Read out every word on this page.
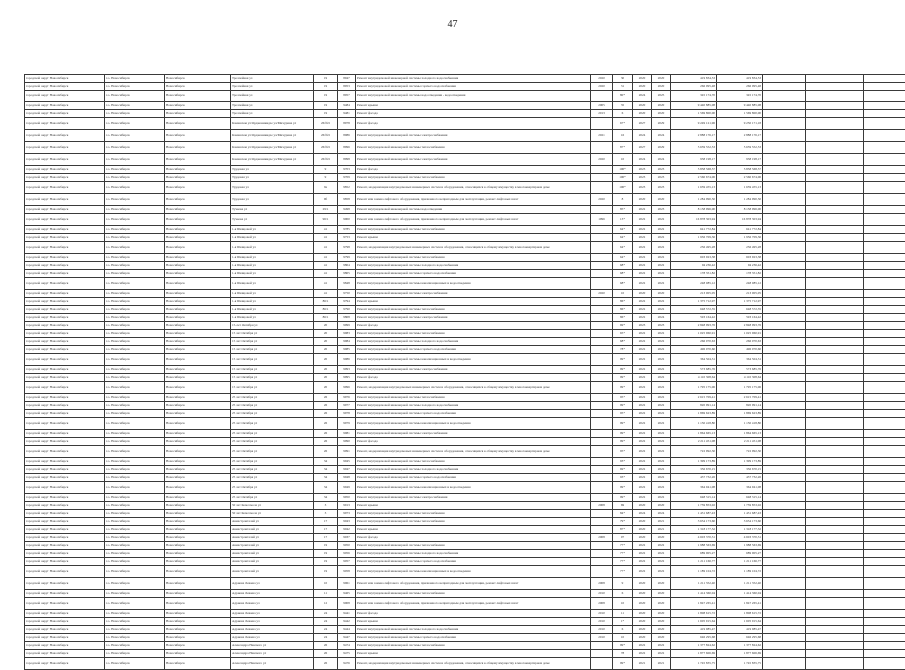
47
городской округ Новосибирск	г.о. Новосибирск	Новосибирск	Троллейная ул	19	8947	Ремонт внутридомовой инженерной системы холодного водоснабжения	2020	30	2020	2020	419 834,53	419 834,53			
городской округ Новосибирск	г.о. Новосибирск	Новосибирск	Троллейная ул	19	8953	Ремонт внутридомовой инженерной системы горячего водоснабжения	2020	31	2020	2020	266 095,48	266 095,48			
городской округ Новосибирск	г.о. Новосибирск	Новосибирск	Троллейная ул	19	8957	Ремонт внутридомовой инженерной системы водоотведения - водоотведения		80*	2024	2025	345 174,70	345 174,70			
городской округ Новосибирск	г.о. Новосибирск	Новосибирск	Троллейная ул	19	9484	Ремонт крыши	2005	35	2020	2020	9 440 885,08	9 440 885,08			
городской округ Новосибирск	г.о. Новосибирск	Новосибирск	Троллейная ул	19	9481	Ремонт фасада	2013	6	2020	2020	1 569 800,00	1 569 800,00			
городской округ Новосибирск	г.о. Новосибирск	Новосибирск	Каменская ул/Орджоникидзе ул/Мичурина ул	26/№5	8978	Ремонт фасада		67*	2027	2029	9 249 121,96	9 250 171,18			
городской округ Новосибирск	г.о. Новосибирск	Новосибирск	Каменская ул/Орджоникидзе ул/Мичурина ул	26/№5	8986	Ремонт внутридомовой инженерной системы электроснабжения	2021	16	2024	2024	2 888 176,17	2 888 176,17			
городской округ Новосибирск	г.о. Новосибирск	Новосибирск	Каменская ул/Орджоникидзе ул/Мичурина ул	26/№5	8996	Ремонт внутридомовой инженерной системы теплоснабжения		87*	2027	2029	5 659 552,53	5 659 552,53			
городской округ Новосибирск	г.о. Новосибирск	Новосибирск	Каменская ул/Орджоникидзе ул/Мичурина ул	26/№5	8998	Ремонт внутридомовой инженерной системы электроснабжения	2020	10	2024	2024	938 198,17	938 198,17			
городской округ Новосибирск	г.о. Новосибирск	Новосибирск	Трудовая ул	9	9703	Ремонт фасада		100*	2023	2023	5 858 568,57	5 858 568,57			
городской округ Новосибирск	г.о. Новосибирск	Новосибирск	Трудовая ул	9	9709	Ремонт внутридомовой инженерной системы теплоснабжения		100*	2023	2023	2 560 674,06	2 560 674,06			
городской округ Новосибирск	г.о. Новосибирск	Новосибирск	Трудовая ул	9а	9852	Ремонт, модернизация внутридомовых инженерных систем и оборудования, относящихся к общему имуществу в многоквартирном доме		100*	2023	2023	1 659 455,13	1 659 455,13			
городской округ Новосибирск	г.о. Новосибирск	Новосибирск	Трудовая ул	9б	9858	Ремонт или замена лифтового оборудования, признанного непригодным для эксплуатации, ремонт лифтовых шахт	2020	8	2020	2020	1 284 990,50	1 284 990,50			
городской округ Новосибирск	г.о. Новосибирск	Новосибирск	Тучкова ул	29/1	9498	Ремонт внутридомовой инженерной системы водоотведения		85*	2022	2023	8 158 996,00	8 158 996,00			
городской округ Новосибирск	г.о. Новосибирск	Новосибирск	Тучкова ул	96/1	9900	Ремонт или замена лифтового оборудования, признанного непригодным для эксплуатации, ремонт лифтовых шахт	1996	13*	2022	2022	16 878 303,94	16 878 303,94			
городской округ Новосибирск	г.о. Новосибирск	Новосибирск	1-я Шевцовой ул	41	9785	Ремонт внутридомовой инженерной системы теплоснабжения		64*	2022	2022	641 772,84	641 772,84			
городской округ Новосибирск	г.о. Новосибирск	Новосибирск	1-я Шевцовой ул	41	9753	Ремонт крыши		64*	2022	2022	1 956 709,36	1 956 709,36			
городской округ Новосибирск	г.о. Новосибирск	Новосибирск	1-я Шевцовой ул	41	9798	Ремонт, модернизация внутридомовых инженерных систем и оборудования, относящихся к общему имуществу в многоквартирном доме		64*	2022	2022	256 495,28	256 495,28			
городской округ Новосибирск	г.о. Новосибирск	Новосибирск	1-я Шевцовой ул	41	9799	Ремонт внутридомовой инженерной системы теплоснабжения		64*	2022	2022	603 923,38	603 923,38			
городской округ Новосибирск	г.о. Новосибирск	Новосибирск	1-я Шевцовой ул	41	9804	Ремонт внутридомовой инженерной системы холодного водоснабжения		68*	2022	2022	94 236,42	94 236,42			
городской округ Новосибирск	г.о. Новосибирск	Новосибирск	1-я Шевцовой ул	41	9805	Ремонт внутридомовой инженерной системы горячего водоснабжения		68*	2022	2022	178 351,82	178 351,82			
городской округ Новосибирск	г.о. Новосибирск	Новосибирск	1-я Шевцовой ул	41	9848	Ремонт внутридомовой инженерной системы канализационных и водоотведения		68*	2022	2022	248 085,12	248 085,12			
городской округ Новосибирск	г.о. Новосибирск	Новосибирск	1-я Шевцовой ул	41	9750	Ремонт внутридомовой инженерной системы электроснабжения	2020	10	2020	2020	213 005,05	213 005,05			
городской округ Новосибирск	г.о. Новосибирск	Новосибирск	1-я Шевцовой ул	86/1	9794	Ремонт крыши		86*	2022	2022	1 375 712,97	1 375 712,97			
городской округ Новосибирск	г.о. Новосибирск	Новосибирск	1-я Шевцовой ул	86/1	9790	Ремонт внутридомовой инженерной системы теплоснабжения		86*	2022	2022	648 572,35	648 572,35			
городской округ Новосибирск	г.о. Новосибирск	Новосибирск	1-я Шевцовой ул	86/1	9808	Ремонт внутридомовой инженерной системы электроснабжения		86*	2022	2024	593 164,42	593 164,42			
городской округ Новосибирск	г.о. Новосибирск	Новосибирск	15-лет Октября ул	20	9999	Ремонт фасада		69*	2023	2023	2 848 993,76	2 848 993,76			
городской округ Новосибирск	г.о. Новосибирск	Новосибирск	15 лет Октября ул	20	9983	Ремонт внутридомовой инженерной системы теплоснабжения		65*	2022	2022	1 025 960,91	1 025 960,91			
городской округ Новосибирск	г.о. Новосибирск	Новосибирск	15 лет Октября ул	20	9984	Ремонт внутридомовой инженерной системы холодного водоснабжения		68*	2022	2022	266 070,63	266 070,63			
городской округ Новосибирск	г.о. Новосибирск	Новосибирск	15 лет Октября ул	20	9985	Ремонт внутридомовой инженерной системы горячего водоснабжения		78*	2022	2022	496 070,60	496 070,60			
городской округ Новосибирск	г.о. Новосибирск	Новосибирск	15 лет Октября ул	20	9986	Ремонт внутридомовой инженерной системы канализационных и водоотведения		99*	2022	2022	364 504,31	364 504,31			
городской округ Новосибирск	г.о. Новосибирск	Новосибирск	15 лет Октября ул	20	9993	Ремонт внутридомовой инженерной системы электроснабжения		99*	2022	2022	573 685,76	573 685,76			
городской округ Новосибирск	г.о. Новосибирск	Новосибирск	15 лет Октября ул	20	9995	Ремонт фасада		99*	2022	2022	4 110 308,64	4 110 308,64			
городской округ Новосибирск	г.о. Новосибирск	Новосибирск	15 лет Октября ул	20	9996	Ремонт, модернизация внутридомовых инженерных систем и оборудования, относящихся к общему имуществу в многоквартирном доме		99*	2022	2022	1 795 175,06	1 795 175,06			
городской округ Новосибирск	г.о. Новосибирск	Новосибирск	25 лет Октября ул	26	9976	Ремонт внутридомовой инженерной системы теплоснабжения		95*	2022	2022	2 615 709,41	2 615 709,41			
городской округ Новосибирск	г.о. Новосибирск	Новосибирск	25 лет Октября ул	26	9977	Ремонт внутридомовой инженерной системы холодного водоснабжения		99*	2022	2022	820 991,14	820 991,14			
городской округ Новосибирск	г.о. Новосибирск	Новосибирск	25 лет Октября ул	26	9978	Ремонт внутридомовой инженерной системы горячего водоснабжения		95*	2022	2022	1 869 623,89	1 869 623,89			
городской округ Новосибирск	г.о. Новосибирск	Новосибирск	25 лет Октября ул	26	9979	Ремонт внутридомовой инженерной системы канализационных и водоотведения		99*	2022	2022	1 150 418,80	1 150 418,80			
городской округ Новосибирск	г.о. Новосибирск	Новосибирск	25 лет Октября ул	26	9981	Ремонт внутридомовой инженерной системы электроснабжения		99*	2022	2022	1 864 665,13	1 864 665,13			
городской округ Новосибирск	г.о. Новосибирск	Новосибирск	25 лет Октября ул	26	9990	Ремонт фасада		99*	2022	2022	2 211 451,08	2 211 451,08			
городской округ Новосибирск	г.о. Новосибирск	Новосибирск	25 лет Октября ул	26	9991	Ремонт, модернизация внутридомовых инженерных систем и оборудования, относящихся к общему имуществу в многоквартирном доме		95*	2022	2022	722 992,30	722 992,30			
городской округ Новосибирск	г.о. Новосибирск	Новосибирск	25 лет Октября ул	34	9945	Ремонт внутридомовой инженерной системы теплоснабжения		93*	2022	2022	1 399 173,89	1 399 173,89			
городской округ Новосибирск	г.о. Новосибирск	Новосибирск	25 лет Октября ул	34	9947	Ремонт внутридомовой инженерной системы холодного водоснабжения		69*	2022	2022	356 670,15	356 670,15			
городской округ Новосибирск	г.о. Новосибирск	Новосибирск	25 лет Октября ул	34	9948	Ремонт внутридомовой инженерной системы горячего водоснабжения		93*	2022	2022	437 732,26	437 732,26			
городской округ Новосибирск	г.о. Новосибирск	Новосибирск	25 лет Октября ул	34	9949	Ремонт внутридомовой инженерной системы канализационных и водоотведения		99*	2022	2022	364 941,08	364 941,08			
городской округ Новосибирск	г.о. Новосибирск	Новосибирск	25 лет Октября ул	34	9950	Ремонт внутридомовой инженерной системы электроснабжения		99*	2022	2022	648 315,14	648 315,14			
городской округ Новосибирск	г.о. Новосибирск	Новосибирск	50 лет Комсомола ул	3	9913	Ремонт крыши	2008	69	2020	2020	1 759 853,02	1 759 853,02			
городской округ Новосибирск	г.о. Новосибирск	Новосибирск	50 лет Комсомола ул	3	9973	Ремонт внутридомовой инженерной системы теплоснабжения		84*	2024	2024	1 431 687,43	1 431 687,43			
городской округ Новосибирск	г.о. Новосибирск	Новосибирск	Авиастроителей ул	17	9043	Ремонт внутридомовой инженерной системы теплоснабжения		79*	2020	2021	3 634 173,60	3 634 173,60			
городской округ Новосибирск	г.о. Новосибирск	Новосибирск	Авиастроителей ул	17	9042	Ремонт крыши		87*	2020	2021	1 318 177,32	1 318 177,32			
городской округ Новосибирск	г.о. Новосибирск	Новосибирск	Авиастроителей ул	17	9037	Ремонт фасада	2008	07	2020	2020	4 603 370,31	4 603 370,31			
городской округ Новосибирск	г.о. Новосибирск	Новосибирск	Авиастроителей ул	19	9050	Ремонт внутридомовой инженерной системы теплоснабжения		77*	2022	2022	1 988 563,69	1 988 563,69			
городской округ Новосибирск	г.о. Новосибирск	Новосибирск	Авиастроителей ул	19	9056	Ремонт внутридомовой инженерной системы холодного водоснабжения		77*	2022	2022	689 905,27	689 905,27			
городской округ Новосибирск	г.о. Новосибирск	Новосибирск	Авиастроителей ул	19	9057	Ремонт внутридомовой инженерной системы горячего водоснабжения		77*	2022	2022	1 211 166,77	1 211 166,77			
городской округ Новосибирск	г.о. Новосибирск	Новосибирск	Авиастроителей ул	19	9058	Ремонт внутридомовой инженерной системы канализационных и водоотведения		77*	2022	2022	1 189 104,72	1 189 104,72			
городской округ Новосибирск	г.о. Новосибирск	Новосибирск	Адриена Лежена ул	10	9961	Ремонт или замена лифтового оборудования, признанного непригодным для эксплуатации, ремонт лифтовых шахт	2008	9	2020	2020	1 211 352,40	1 211 352,40			
городской округ Новосибирск	г.о. Новосибирск	Новосибирск	Адриена Лежена ул	11	9465	Ремонт внутридомовой инженерной системы теплоснабжения	2010	6	2020	2020	1 414 360,04	1 414 360,04			
городской округ Новосибирск	г.о. Новосибирск	Новосибирск	Адриена Лежена ул	12	9908	Ремонт или замена лифтового оборудования, признанного непригодным для эксплуатации, ремонт лифтовых шахт	2008	10	2020	2020	1 847 265,41	1 847 265,41			
городской округ Новосибирск	г.о. Новосибирск	Новосибирск	Адриена Лежена ул	24	9441	Ремонт фасада	2010	11	2020	2020	1 808 615,72	1 808 615,72			
городской округ Новосибирск	г.о. Новосибирск	Новосибирск	Адриена Лежена ул	24	9442	Ремонт крыши	2010	1*	2020	2020	1 605 915,64	1 605 915,64			
городской округ Новосибирск	г.о. Новосибирск	Новосибирск	Адриена Лежена ул	24	9444	Ремонт внутридомовой инженерной системы холодного водоснабжения	2010	6	2020	2020	419 985,47	419 985,47			
городской округ Новосибирск	г.о. Новосибирск	Новосибирск	Адриена Лежена ул	24	9447	Ремонт внутридомовой инженерной системы горячего водоснабжения	2010	10	2020	2020	646 295,68	646 295,68			
городской округ Новосибирск	г.о. Новосибирск	Новосибирск	Александра Невского ул	26	9474	Ремонт внутридомовой инженерной системы теплоснабжения		99*	2022	2022	1 377 824,62	1 377 824,62			
городской округ Новосибирск	г.о. Новосибирск	Новосибирск	Александра Невского ул	26	9475	Ремонт крыши		78	2022	2022	1 877 606,69	1 877 606,69			
городской округ Новосибирск	г.о. Новосибирск	Новосибирск	Александра Невского ул	26	9476	Ремонт, модернизация внутридомовых инженерных систем и оборудования, относящихся к общему имуществу в многоквартирном доме		99*	2021	2021	1 745 835,75	1 745 835,75			
